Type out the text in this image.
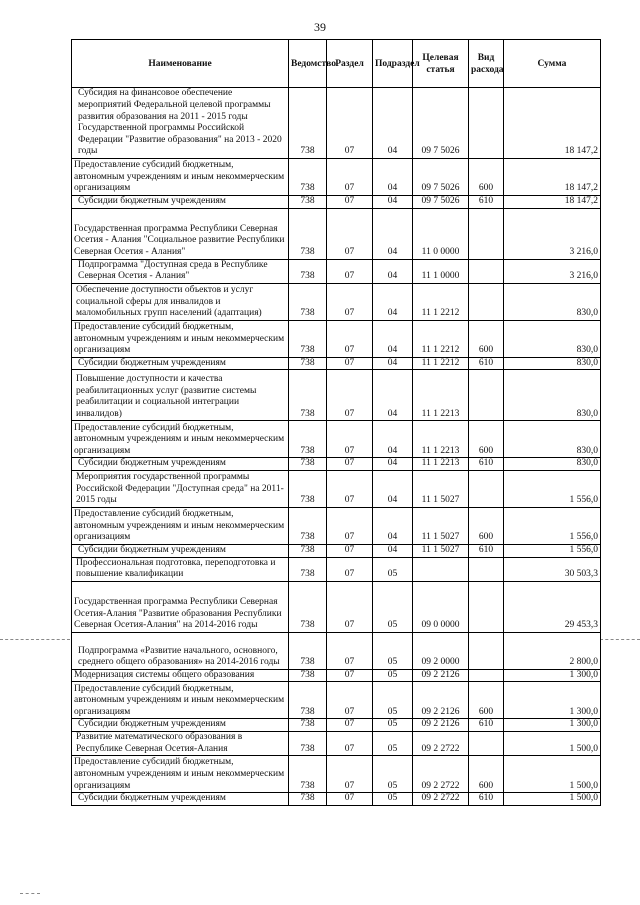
39
Наименование	Ведомство	Раздел	Подраздел	Целевая статья	Вид расхода	Сумма
Субсидия на финансовое обеспечение мероприятий Федеральной целевой программы развития образования на 2011 - 2015 годы Государственной программы Российской Федерации "Развитие образования" на 2013 - 2020 годы	738	07	04	09 7 5026		18 147,2
Предоставление субсидий бюджетным, автономным учреждениям и иным некоммерческим организациям	738	07	04	09 7 5026	600	18 147,2
Субсидии бюджетным учреждениям	738	07	04	09 7 5026	610	18 147,2
Государственная программа Республики Северная Осетия - Алания "Социальное развитие Республики Северная Осетия - Алания"	738	07	04	11 0 0000		3 216,0
Подпрограмма "Доступная среда в Республике Северная Осетия - Алания"	738	07	04	11 1 0000		3 216,0
Обеспечение доступности объектов и услуг социальной сферы для инвалидов и маломобильных групп населений (адаптация)	738	07	04	11 1 2212		830,0
Предоставление субсидий бюджетным, автономным учреждениям и иным некоммерческим организациям	738	07	04	11 1 2212	600	830,0
Субсидии бюджетным учреждениям	738	07	04	11 1 2212	610	830,0
Повышение доступности и качества реабилитационных услуг (развитие системы реабилитации и социальной интеграции инвалидов)	738	07	04	11 1 2213		830,0
Предоставление субсидий бюджетным, автономным учреждениям и иным некоммерческим организациям	738	07	04	11 1 2213	600	830,0
Субсидии бюджетным учреждениям	738	07	04	11 1 2213	610	830,0
Мероприятия государственной программы Российской Федерации "Доступная среда" на 2011-2015 годы	738	07	04	11 1 5027		1 556,0
Предоставление субсидий бюджетным, автономным учреждениям и иным некоммерческим организациям	738	07	04	11 1 5027	600	1 556,0
Субсидии бюджетным учреждениям	738	07	04	11 1 5027	610	1 556,0
Профессиональная подготовка, переподготовка и повышение квалификации	738	07	05			30 503,3
Государственная программа Республики Северная Осетия-Алания "Развитие образования Республики Северная Осетия-Алания" на 2014-2016 годы	738	07	05	09 0 0000		29 453,3
Подпрограмма «Развитие начального, основного, среднего общего образования» на 2014-2016 годы	738	07	05	09 2 0000		2 800,0
Модернизация системы общего образования	738	07	05	09 2 2126		1 300,0
Предоставление субсидий бюджетным, автономным учреждениям и иным некоммерческим организациям	738	07	05	09 2 2126	600	1 300,0
Субсидии бюджетным учреждениям	738	07	05	09 2 2126	610	1 300,0
Развитие математического образования в Республике Северная Осетия-Алания	738	07	05	09 2 2722		1 500,0
Предоставление субсидий бюджетным, автономным учреждениям и иным некоммерческим организациям	738	07	05	09 2 2722	600	1 500,0
Субсидии бюджетным учреждениям	738	07	05	09 2 2722	610	1 500,0
